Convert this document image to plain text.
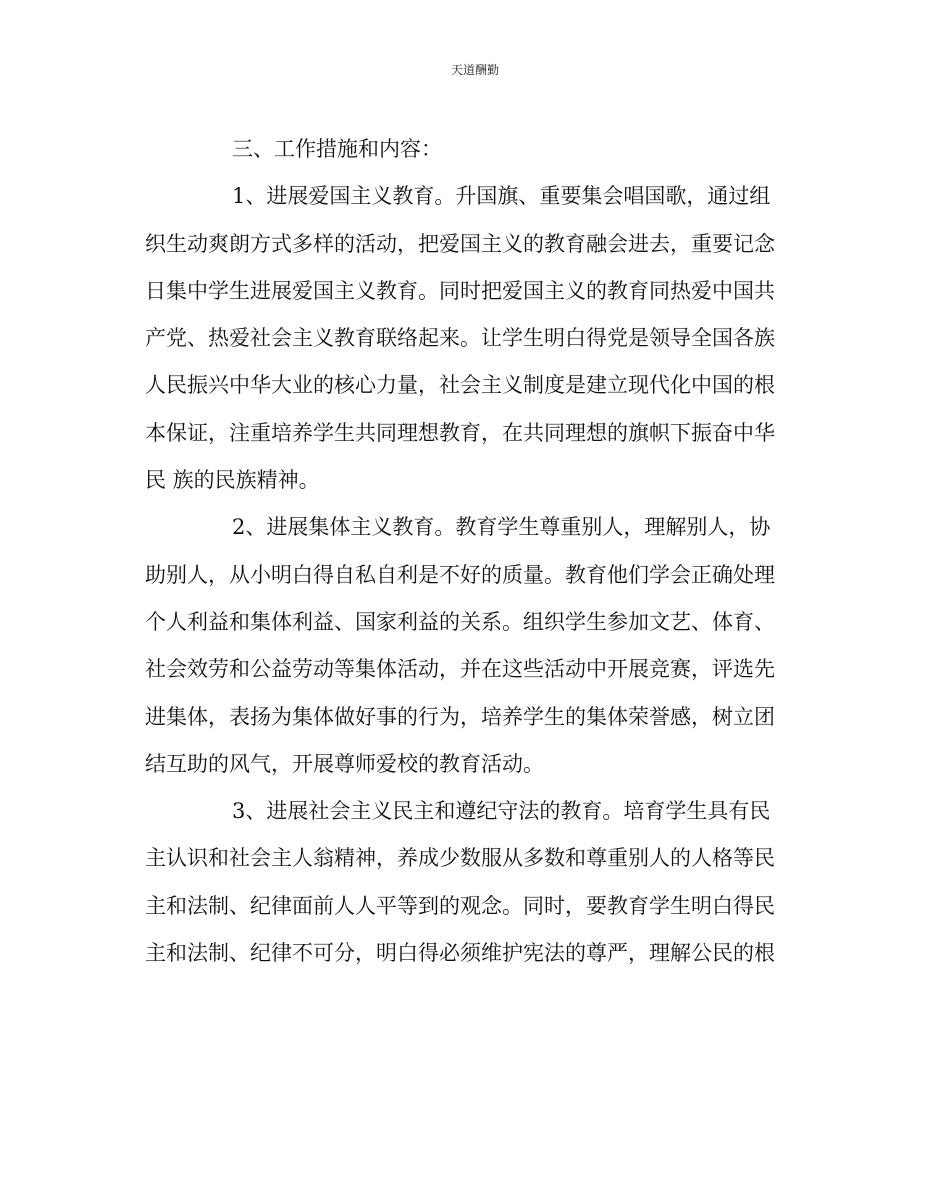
天道酬勤
三、工作措施和内容：
1、进展爱国主义教育。升国旗、重要集会唱国歌，通过组
织生动爽朗方式多样的活动，把爱国主义的教育融会进去，重要记念
日集中学生进展爱国主义教育。同时把爱国主义的教育同热爱中国共
产党、热爱社会主义教育联络起来。让学生明白得党是领导全国各族
人民振兴中华大业的核心力量，社会主义制度是建立现代化中国的根
本保证，注重培养学生共同理想教育，在共同理想的旗帜下振奋中华
民 族的民族精神。
2、进展集体主义教育。教育学生尊重别人，理解别人，协
助别人，从小明白得自私自利是不好的质量。教育他们学会正确处理
个人利益和集体利益、国家利益的关系。组织学生参加文艺、体育、
社会效劳和公益劳动等集体活动，并在这些活动中开展竞赛，评选先
进集体，表扬为集体做好事的行为，培养学生的集体荣誉感，树立团
结互助的风气，开展尊师爱校的教育活动。
3、进展社会主义民主和遵纪守法的教育。培育学生具有民
主认识和社会主人翁精神，养成少数服从多数和尊重别人的人格等民
主和法制、纪律面前人人平等到的观念。同时，要教育学生明白得民
主和法制、纪律不可分，明白得必须维护宪法的尊严，理解公民的根
